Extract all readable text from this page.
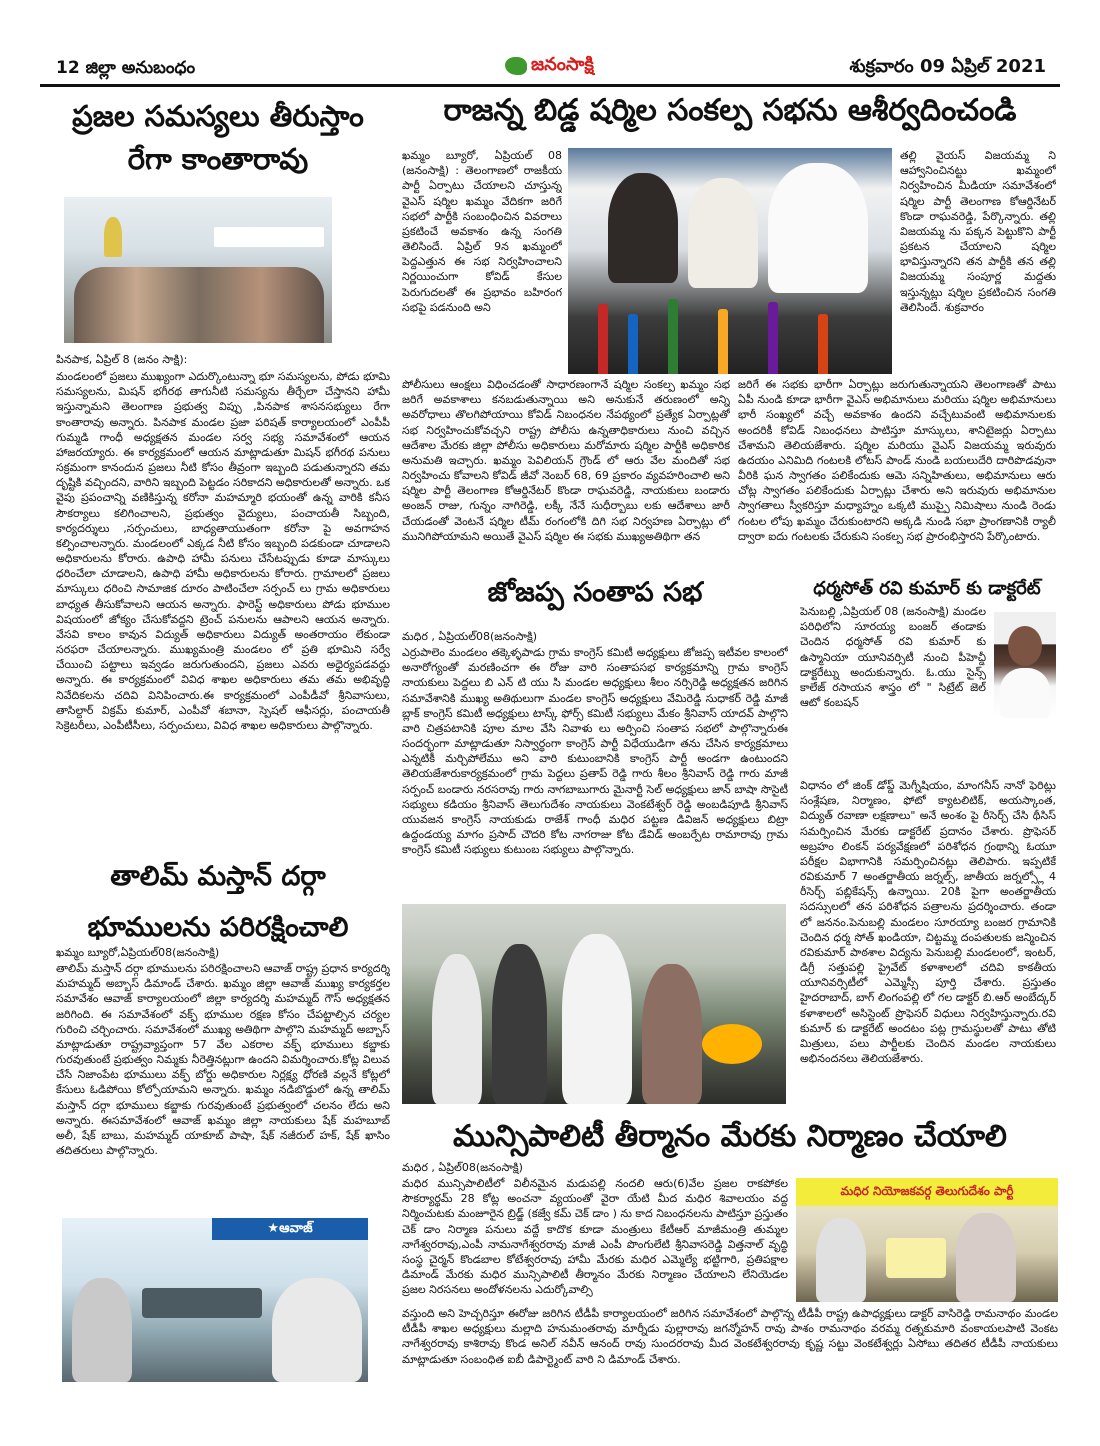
12 జిల్లా అనుబంధం	జనంసాక్షి	శుక్రవారం 09 ఏప్రిల్ 2021
ప్రజల సమస్యలు తీరుస్తాం
రేగా కాంతారావు
పినపాక, ఏప్రిల్ 8 (జనం సాక్షి):
మండలంలో ప్రజలు ముఖ్యంగా ఎదుర్కొంటున్నా భూ సమస్యలను, పోడు భూమి సమస్యలను, మిషన్ భగీరథ తాగునీటి సమస్యను తీర్చేలా చేస్తానని హామీ ఇస్తున్నామని తెలంగాణ ప్రభుత్వ విప్పు ,పినపాక శాసనసభ్యులు రేగా కాంతారావు అన్నారు. పినపాక మండల ప్రజా పరిషత్ కార్యాలయంలో ఎంపీపీ గుమ్మడి గాంధీ అధ్యక్షతన మండల సర్వ సభ్య సమావేశంలో ఆయన హాజరయ్యారు. ఈ కార్యక్రమంలో ఆయన మాట్లాడుతూ మిషన్ భగీరథ పనులు సక్రమంగా కానందున ప్రజలు నీటి కోసం తీవ్రంగా ఇబ్బంది పడుతున్నారని తమ దృష్టికి వచ్చిందని, వారిని ఇబ్బంది పెట్టడం సరికాదని అధికారులతో అన్నారు. ఒక వైపు ప్రపంచాన్ని వణికిస్తున్న కరోనా మహమ్మారి భయంతో ఉన్న వారికి కనీస సౌకర్యాలు కలిగించాలని, ప్రభుత్వం వైద్యులు, పంచాయతీ సిబ్బంది, కార్యదర్శులు ,సర్పంచులు, బాధ్యతాయుతంగా కరోనా పై అవగాహన కల్పించాలన్నారు. మండలంలో ఎక్కడ నీటి కోసం ఇబ్బంది పడకుండా చూడాలని అధికారులను కోరారు. ఉపాధి హామీ పనులు చేసేటప్పుడు కూడా మాస్కులు ధరించేలా చూడాలని, ఉపాధి హామీ అధికారులను కోరారు. గ్రామాలలో ప్రజలు మాస్కులు ధరించి సామాజిక దూరం పాటించేలా సర్పంచ్ లు గ్రామ అధికారులు బాధ్యత తీసుకోవాలని ఆయన అన్నారు. ఫారెస్ట్ అధికారులు పోడు భూముల విషయంలో జోక్యం చేసుకోవద్దని ట్రెంచ్ పనులను ఆపాలని ఆయన అన్నారు. వేసవి కాలం కావున విద్యుత్ అధికారులు విద్యుత్ అంతరాయం లేకుండా సరఫరా చేయాలన్నారు. ముఖ్యమంత్రి మండలం లో ప్రతి భూమిని సర్వే చేయించి పట్టాలు ఇవ్వడం జరుగుతుందని, ప్రజలు ఎవరు అధైర్యపడవద్దు అన్నారు. ఈ కార్యక్రమంలో వివిధ శాఖల అధికారులు తమ తమ అభివృద్ధి నివేదికలను చదివి వినిపించారు.ఈ కార్యక్రమంలో ఎంపీడీవో శ్రీనివాసులు, తాసిల్దార్ విక్రమ్ కుమార్, ఎంపీవో శబానా, స్పెషల్ ఆఫీసర్లు, పంచాయతీ సెక్రెటరీలు, ఎంపీటీసీలు, సర్పంచులు, వివిధ శాఖల అధికారులు పాల్గొన్నారు.
తాలిమ్ మస్తాన్ దర్గా
భూములను పరిరక్షించాలి
ఖమ్మం బ్యూరో,ఏప్రియల్08(జనంసాక్షి)
తాలిమ్ మస్తాన్ దర్గా భూములను పరిరక్షించాలని ఆవాజ్ రాష్ట్ర ప్రధాన కార్యదర్శి మహమ్మద్ అబ్బాస్ డిమాండ్ చేశారు. ఖమ్మం జిల్లా ఆవాజ్ ముఖ్య కార్యకర్తల సమావేశం ఆవాజ్ కార్యాలయంలో జిల్లా కార్యదర్శి మహమ్మద్ గౌస్ అధ్యక్షతన జరిగింది. ఈ సమావేశంలో వక్ఫ్ భూముల రక్షణ కోసం చేపట్టాల్సిన చర్యల గురించి చర్చించారు. సమావేశంలో ముఖ్య అతిథిగా పాల్గొని మహమ్మద్ అబ్బాస్ మాట్లాడుతూ రాష్ట్రవ్యాప్తంగా 57 వేల ఎకరాల వక్ఫ్ భూములు కబ్జాకు గురవుతుంటే ప్రభుత్వం నిమ్మకు నీరెత్తినట్లుగా ఉందని విమర్శించారు.కోట్ల విలువ చేసే నిజాంపేట భూములు వక్ఫ్ బోర్డు అధికారుల నిర్లక్ష్య ధోరణి వల్లనే కోట్లలో కేసులు ఓడిపోయి కోల్పోయామని అన్నారు. ఖమ్మం నడిబొడ్డులో ఉన్న తాలిమ్ మస్తాన్ దర్గా భూములు కబ్జాకు గురవుతుంటే ప్రభుత్వంలో చలనం లేదు అని అన్నారు. ఈసమావేశంలో ఆవాజ్ ఖమ్మం జిల్లా నాయకులు షేక్ మహబూబ్ అలీ, షేక్ బాబు, మహమ్మద్ యాకూబ్ పాషా, షేక్ నజీరుల్ హక్, షేక్ ఖాసిం తదితరులు పాల్గొన్నారు.
★ఆవాజ్
రాజన్న బిడ్డ షర్మిల సంకల్ప సభను ఆశీర్వదించండి
ఖమ్మం బ్యూరో, ఏప్రియల్ 08 (జనంసాక్షి) : తెలంగాణలో రాజకీయ పార్టీ ఏర్పాటు చేయాలని చూస్తున్న వైఎస్ షర్మిల ఖమ్మం వేదికగా జరిగే సభలో పార్టీకి సంబంధించిన వివరాలు ప్రకటించే అవకాశం ఉన్న సంగతి తెలిసిందే. ఏప్రిల్ 9న ఖమ్మంలో పెద్దఎత్తున ఈ సభ నిర్వహించాలని నిర్ణయించుగా కోవిడ్ కేసుల పెరుగుదలతో ఈ ప్రభావం బహిరంగ సభపై పడనుంది అని
తల్లి వైయస్ విజయమ్మ ని ఆహ్వానించినట్టు ఖమ్మంలో నిర్వహించిన మీడియా సమావేశంలో షర్మిల పార్టీ తెలంగాణ కోఆర్డినేటర్ కొండా రాఘవరెడ్డి, పేర్కొన్నారు. తల్లి విజయమ్మ ను పక్కన పెట్టుకొని పార్టీ ప్రకటన చేయాలని షర్మిల భావిస్తున్నారని తన పార్టీకి తన తల్లి విజయమ్మ సంపూర్ణ మద్దతు ఇస్తున్నట్లు షర్మిల ప్రకటించిన సంగతి తెలిసిందే. శుక్రవారం
పోలీసులు ఆంక్షలు విధించడంతో సాధారణంగానే షర్మిల సంకల్ప ఖమ్మం సభ జరిగే అవకాశాలు కనబడుతున్నాయి అని అనుకునే తరుణంలో అన్ని అవరోధాలు తొలగిపోయాయి కోవిడ్ నిబంధనల నేపథ్యంలో ప్రత్యేక ఏర్పాట్లతో సభ నిర్వహించుకోవచ్చని రాష్ట్ర పోలీసు ఉన్నతాధికారులు నుంచి వచ్చిన ఆదేశాల మేరకు జిల్లా పోలీసు అధికారులు మరోమారు షర్మిల పార్టీకి అధికారిక అనుమతి ఇచ్చారు. ఖమ్మం పెవిలియన్ గ్రౌండ్ లో ఆరు వేల మందితో సభ నిర్వహించు కోవాలని కోవిడ్ జీవో నెంబర్ 68, 69 ప్రకారం వ్యవహరించాలి అని షర్మిల పార్టీ తెలంగాణ కోఆర్డినేటర్ కొండా రాఘవరెడ్డి, నాయకులు బండారు అంజన్ రాజు, గున్నం నాగిరెడ్డి, లక్కీ నేనే సుధీర్బాబు లకు ఆదేశాలు జారీ చేయడంతో వెంటనే షర్మిల టీమ్ రంగంలోకి దిగి సభ నిర్వహణ ఏర్పాట్లు లో మునిగిపోయామని అయితే వైఎస్ షర్మిల ఈ సభకు ముఖ్యఅతిథిగా తన
జరిగే ఈ సభకు భారీగా ఏర్పాట్లు జరుగుతున్నాయని తెలంగాణతో పాటు ఏపీ నుండి కూడా భారీగా వైఎస్ అభిమానులు మరియు షర్మిల అభిమానులు భారీ సంఖ్యలో వచ్చే అవకాశం ఉందని వచ్చేటువంటి అభిమానులకు అందరికీ కోవిడ్ నిబంధనలు పాటిస్తూ మాస్కులు, శానిటైజర్లు ఏర్పాటు చేశామని తెలియజేశారు. షర్మిల మరియు వైఎస్ విజయమ్మ ఇరువురు ఉదయం ఎనిమిది గంటలకి లోటస్ పాండ్ నుండి బయలుదేరి దారిపొడవునా వీరికి ఘన స్వాగతం పలికేందుకు ఆమె సన్నిహితులు, అభిమానులు ఆరు చోట్ల స్వాగతం పలికేందుకు ఏర్పాట్లు చేశారు అని ఇరువురు అభిమానుల స్వాగతాలు స్వీకరిస్తూ మధ్యాహ్నం ఒక్కటి ముప్పై నిమిషాలు నుండి రెండు గంటల లోపు ఖమ్మం చేరుకుంటారని అక్కడి నుండి సభా ప్రాంగణానికి ర్యాలీ ద్వారా ఐదు గంటలకు చేరుకుని సంకల్ప సభ ప్రారంభిస్తారని పేర్కొంటారు.
జోజప్ప సంతాప సభ
మధిర , ఏప్రియల్08(జనంసాక్షి)
ఎర్రుపాలెం మండలం తక్కెళ్ళపాడు గ్రామ కాంగ్రెస్ కమిటీ అధ్యక్షులు జోజప్ప ఇటీవల కాలంలో అనారోగ్యంతో మరణించగా ఈ రోజు వారి సంతాపసభ కార్యక్రమాన్ని గ్రామ కాంగ్రెస్ నాయకులు పెద్దలు బి ఎన్ టి యు సి మండల అధ్యక్షులు శీలం నర్సిరెడ్డి అధ్యక్షతన జరిగిన సమావేశానికి ముఖ్య అతిథులుగా మండల కాంగ్రెస్ అధ్యక్షులు వేమిరెడ్డి సుధాకర్ రెడ్డి మాజీ బ్లాక్ కాంగ్రెస్ కమిటీ అధ్యక్షులు టాస్క్ ఫోర్స్ కమిటీ సభ్యులు మేకం శ్రీనివాస్ యాదవ్ పాల్గొని వారి చిత్రపటానికి పూల మాల వేసి నివాళు లు అర్పించి సంతాప సభలో పాల్గొన్నారుఈ సందర్భంగా మాట్లాడుతూ నిస్వార్థంగా కాంగ్రెస్ పార్టీ విధేయుడిగా తను చేసిన కార్యక్రమాలు ఎన్నటికీ మర్చిపోలేము అని వారి కుటుంబానికి కాంగ్రెస్ పార్టీ అండగా ఉంటుందని తెలియజేశారుకార్యక్రమంలో గ్రామ పెద్దలు ప్రతాప్ రెడ్డి గారు శీలం శ్రీనివాస్ రెడ్డి గారు మాజీ సర్పంచ్ బండారు నరసరావు గారు నాగబాబుగారు మైనార్టీ సెల్ అధ్యక్షులు జాన్ బాషా సొసైటీ సభ్యులు కడియం శ్రీనివాస్ తెలుగుదేశం నాయకులు వెంకటేశ్వర్ రెడ్డి అంబడిపూడి శ్రీనివాస్ యువజన కాంగ్రెస్ నాయకుడు రాజేశ్ గాంధీ మధిర పట్టణ డివిజన్ అధ్యక్షులు బిట్రా ఉద్దండయ్య మాగం ప్రసాద్ చౌదరి కోట నాగరాజు కోట డేవిడ్ అంబర్పేట రామారావు గ్రామ కాంగ్రెస్ కమిటీ సభ్యులు కుటుంబ సభ్యులు పాల్గొన్నారు.
ధర్మసోత్ రవి కుమార్ కు డాక్టరేట్
పెనుబల్లి ,ఏప్రియల్ 08 (జనంసాక్షి) మండల పరిధిలోని సూరయ్య బంజర్ తండాకు చెందిన ధర్మసోత్ రవి కుమార్ కు ఉస్మానియా యూనివర్సిటీ నుంచి పీహెచ్డీ డాక్టరేట్ను అందుకున్నారు. ఓ.యు సైన్స్ కాలేజ్ రసాయన శాస్త్రం లో " సిట్రేట్ జెల్ ఆటో కంబషన్
విధానం లో జింక్ డోప్డ్ మెగ్నీషియం, మాంగనీస్ నానో ఫెరిట్లు సంశ్లేషణ, నిర్మాణం, ఫోటో క్యాటలిటిక్, అయస్కాంత, విద్యుత్ రవాణా లక్షణాలు" అనే అంశం పై రీసెర్చ్ చేసి థీసిస్ సమర్పించిన మేరకు డాక్టరేట్ ప్రదానం చేశారు. ప్రొఫెసర్ అబ్రహం లింకన్ పర్యవేక్షణలో పరిశోధన గ్రంథాన్ని ఓయూ పరీక్షల విభాగానికి సమర్పించినట్లు తెలిపారు. ఇప్పటికే రవికుమార్ 7 అంతర్జాతీయ జర్నల్స్, జాతీయ జర్నల్స్లో 4 రీసెర్చ్ పబ్లికేషన్స్ ఉన్నాయి. 20కి పైగా అంతర్జాతీయ సదస్సులలో తన పరిశోధన పత్రాలను ప్రదర్శించారు. తండా లో జననం.పెనుబల్లి మండలం సూరయ్యా బంజర గ్రామానికి చెందిన ధర్మ సోత్ ఖండియా, చిట్టమ్మ దంపతులకు జన్మించిన రవికుమార్ పాఠశాల విద్యను పెనుబల్లి మండలంలో, ఇంటర్, డిగ్రీ సత్తుపల్లి ప్రైవేట్ కళాశాలలో చదివి కాకతీయ యూనివర్సిటీలో ఎమ్మెస్సీ పూర్తి చేశారు. ప్రస్తుతం హైదరాబాద్, బాగ్ లింగంపల్లి లో గల డాక్టర్ బి.ఆర్ అంబేద్కర్ కళాశాలలో అసిస్టెంట్ ప్రొఫెసర్ విధులు నిర్వహిస్తున్నారు.రవి కుమార్ కు డాక్టరేట్ అందటం పట్ల గ్రామస్థులతో పాటు తోటి మిత్రులు, పలు పార్టీలకు చెందిన మండల నాయకులు అభినందనలు తెలియజేశారు.
మున్సిపాలిటీ తీర్మానం మేరకు నిర్మాణం చేయాలి
మధిర , ఏప్రిల్08(జనంసాక్షి)
మధిర మున్సిపాలిటీలో విలీనమైన మడుపల్లి నందలి ఆరు(6)వేల ప్రజల రాకపోకల సౌకర్యార్థమ్ 28 కోట్ల అంచనా వ్యయంతో వైరా యేటి మీద మధిర శివాలయం వద్ద నిర్మించుటకు మంజూరైన బ్రిడ్జ్ (కజ్వే కమ్ చెక్ డాం ) ను కాద నిబంధనలను పాటిస్తూ ప్రస్తుతం చెక్ డాం నిర్మాణ పనులు వద్దే కాదొక కూడా మంత్రులు కేటీఆర్ మాజీమంత్రి తుమ్మల నాగేశ్వరరావు,ఎంపీ నామనాగేశ్వరరావు మాజీ ఎంపీ పొంగులేటి శ్రీనివాసరెడ్డి విత్తనాల్ వృద్ధి సంస్థ చైర్మన్ కొండబాల కోటేశ్వరరావు హామీ మేరకు మధిర ఎమ్మెల్యే భట్టిగారి, ప్రతిపక్షాల డిమాండ్ మేరకు మధిర మున్సిపాలిటీ తీర్మానం మేరకు నిర్మాణం చేయాలని లేనియెడల ప్రజల నిరసనలు అందోళనలను ఎదుర్కోవాల్సి
మధిర నియోజకవర్గ తెలుగుదేశం పార్టీ
వస్తుంది అని హెచ్చరిస్తూ ఈరోజు జరిగిన టీడీపీ కార్యాలయంలో జరిగిన సమావేశంలో పాల్గొన్న టీడీపీ రాష్ట్ర ఉపాధ్యక్షులు డాక్టర్ వాసిరెడ్డి రామనాథం మండల టీడీపీ శాఖల అధ్యక్షులు మల్లాది హనుమంతరావు మార్నీడు పుల్లారావు జగన్మోహన్ రావు పాశం రామనాథం వరమ్మ రత్నకుమారి వంకాయలపాటి వెంకట నాగేశ్వరరావు కాశిరావు కొండ అనిల్ నవీన్ ఆనంద్ రావు సుందరరావు మీద వెంకటేశ్వరరావు కృష్ణ సట్టు వెంకటేశ్వర్లు ఏసోబు తదితర టీడీపీ నాయకులు మాట్లాడుతూ సంబంధిత ఐబీ డిపార్ట్మెంట్ వారి ని డిమాండ్ చేశారు.
